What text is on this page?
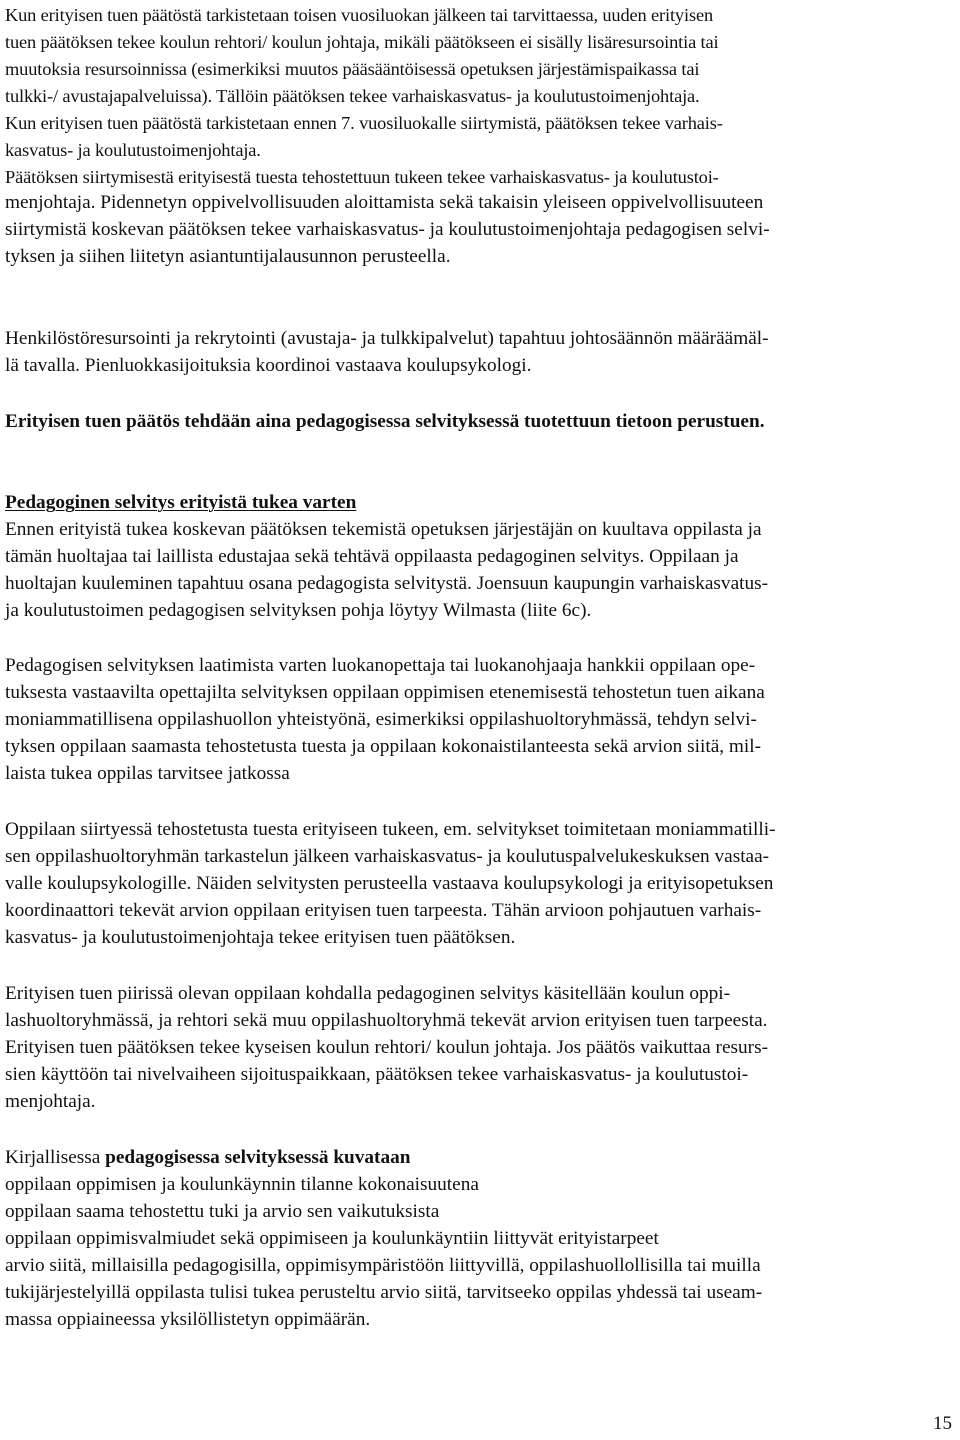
Kun erityisen tuen päätöstä tarkistetaan toisen vuosiluokan jälkeen tai tarvittaessa, uuden erityisen
tuen päätöksen tekee koulun rehtori/ koulun johtaja, mikäli päätökseen ei sisälly lisäresursointia tai
muutoksia resursoinnissa (esimerkiksi muutos pääsääntöisessä opetuksen järjestämispaikassa tai
tulkki-/ avustajapalveluissa). Tällöin päätöksen tekee varhaiskasvatus- ja koulutustoimenjohtaja.
Kun erityisen tuen päätöstä tarkistetaan ennen 7. vuosiluokalle siirtymistä, päätöksen tekee varhais-
kasvatus- ja koulutustoimenjohtaja.
Päätöksen siirtymisestä erityisestä tuesta tehostettuun tukeen tekee varhaiskasvatus- ja koulutustoi-
menjohtaja. Pidennetyn oppivelvollisuuden aloittamista sekä takaisin yleiseen oppivelvollisuuteen
siirtymistä koskevan päätöksen tekee varhaiskasvatus- ja koulutustoimenjohtaja pedagogisen selvi-
tyksen ja siihen liitetyn asiantuntijalausunnon perusteella.
Henkilöstöresursointi ja rekrytointi (avustaja- ja tulkkipalvelut) tapahtuu johtosäännön määräämäl-
lä tavalla. Pienluokkasijoituksia koordinoi vastaava koulupsykologi.
Erityisen tuen päätös tehdään aina pedagogisessa selvityksessä tuotettuun tietoon perustuen.
Pedagoginen selvitys erityistä tukea varten
Ennen erityistä tukea koskevan päätöksen tekemistä opetuksen järjestäjän on kuultava oppilasta ja
tämän huoltajaa tai laillista edustajaa sekä tehtävä oppilaasta pedagoginen selvitys. Oppilaan ja
huoltajan kuuleminen tapahtuu osana pedagogista selvitystä. Joensuun kaupungin varhaiskasvatus-
ja koulutustoimen pedagogisen selvityksen pohja löytyy Wilmasta (liite 6c).
Pedagogisen selvityksen laatimista varten luokanopettaja tai luokanohjaaja hankkii oppilaan ope-
tuksesta vastaavilta opettajilta selvityksen oppilaan oppimisen etenemisestä tehostetun tuen aikana
moniammatillisena oppilashuollon yhteistyönä, esimerkiksi oppilashuoltoryhmässä, tehdyn selvi-
tyksen oppilaan saamasta tehostetusta tuesta ja oppilaan kokonaistilanteesta sekä arvion siitä, mil-
laista tukea oppilas tarvitsee jatkossa
Oppilaan siirtyessä tehostetusta tuesta erityiseen tukeen, em. selvitykset toimitetaan moniammatilli-
sen oppilashuoltoryhmän tarkastelun jälkeen varhaiskasvatus- ja koulutuspalvelukeskuksen vastaa-
valle koulupsykologille. Näiden selvitysten perusteella vastaava koulupsykologi ja erityisopetuksen
koordinaattori tekevät arvion oppilaan erityisen tuen tarpeesta. Tähän arvioon pohjautuen varhais-
kasvatus- ja koulutustoimenjohtaja tekee erityisen tuen päätöksen.
Erityisen tuen piirissä olevan oppilaan kohdalla pedagoginen selvitys käsitellään koulun oppi-
lashuoltoryhmässä, ja rehtori sekä muu oppilashuoltoryhmä tekevät arvion erityisen tuen tarpeesta.
Erityisen tuen päätöksen tekee kyseisen koulun rehtori/ koulun johtaja. Jos päätös vaikuttaa resurs-
sien käyttöön tai nivelvaiheen sijoituspaikkaan, päätöksen tekee varhaiskasvatus- ja koulutustoi-
menjohtaja.
Kirjallisessa pedagogisessa selvityksessä kuvataan
oppilaan oppimisen ja koulunkäynnin tilanne kokonaisuutena
oppilaan saama tehostettu tuki ja arvio sen vaikutuksista
oppilaan oppimisvalmiudet sekä oppimiseen ja koulunkäyntiin liittyvät erityistarpeet
arvio siitä, millaisilla pedagogisilla, oppimisympäristöön liittyvillä, oppilashuollollisilla tai muilla
tukijärjestelyillä oppilasta tulisi tukea perusteltu arvio siitä, tarvitseeko oppilas yhdessä tai useam-
massa oppiaineessa yksilöllistetyn oppimäärän.
15
